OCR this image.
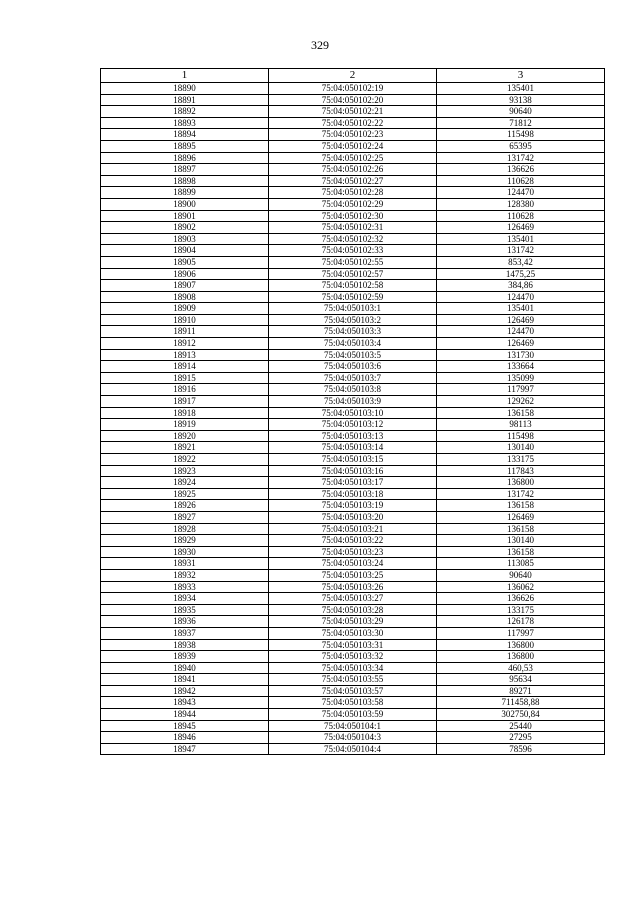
329
1	2	3
18890	75:04:050102:19	135401
18891	75:04:050102:20	93138
18892	75:04:050102:21	90640
18893	75:04:050102:22	71812
18894	75:04:050102:23	115498
18895	75:04:050102:24	65395
18896	75:04:050102:25	131742
18897	75:04:050102:26	136626
18898	75:04:050102:27	110628
18899	75:04:050102:28	124470
18900	75:04:050102:29	128380
18901	75:04:050102:30	110628
18902	75:04:050102:31	126469
18903	75:04:050102:32	135401
18904	75:04:050102:33	131742
18905	75:04:050102:55	853,42
18906	75:04:050102:57	1475,25
18907	75:04:050102:58	384,86
18908	75:04:050102:59	124470
18909	75:04:050103:1	135401
18910	75:04:050103:2	126469
18911	75:04:050103:3	124470
18912	75:04:050103:4	126469
18913	75:04:050103:5	131730
18914	75:04:050103:6	133664
18915	75:04:050103:7	135099
18916	75:04:050103:8	117997
18917	75:04:050103:9	129262
18918	75:04:050103:10	136158
18919	75:04:050103:12	98113
18920	75:04:050103:13	115498
18921	75:04:050103:14	130140
18922	75:04:050103:15	133175
18923	75:04:050103:16	117843
18924	75:04:050103:17	136800
18925	75:04:050103:18	131742
18926	75:04:050103:19	136158
18927	75:04:050103:20	126469
18928	75:04:050103:21	136158
18929	75:04:050103:22	130140
18930	75:04:050103:23	136158
18931	75:04:050103:24	113085
18932	75:04:050103:25	90640
18933	75:04:050103:26	136062
18934	75:04:050103:27	136626
18935	75:04:050103:28	133175
18936	75:04:050103:29	126178
18937	75:04:050103:30	117997
18938	75:04:050103:31	136800
18939	75:04:050103:32	136800
18940	75:04:050103:34	460,53
18941	75:04:050103:55	95634
18942	75:04:050103:57	89271
18943	75:04:050103:58	711458,88
18944	75:04:050103:59	302750,84
18945	75:04:050104:1	25440
18946	75:04:050104:3	27295
18947	75:04:050104:4	78596
